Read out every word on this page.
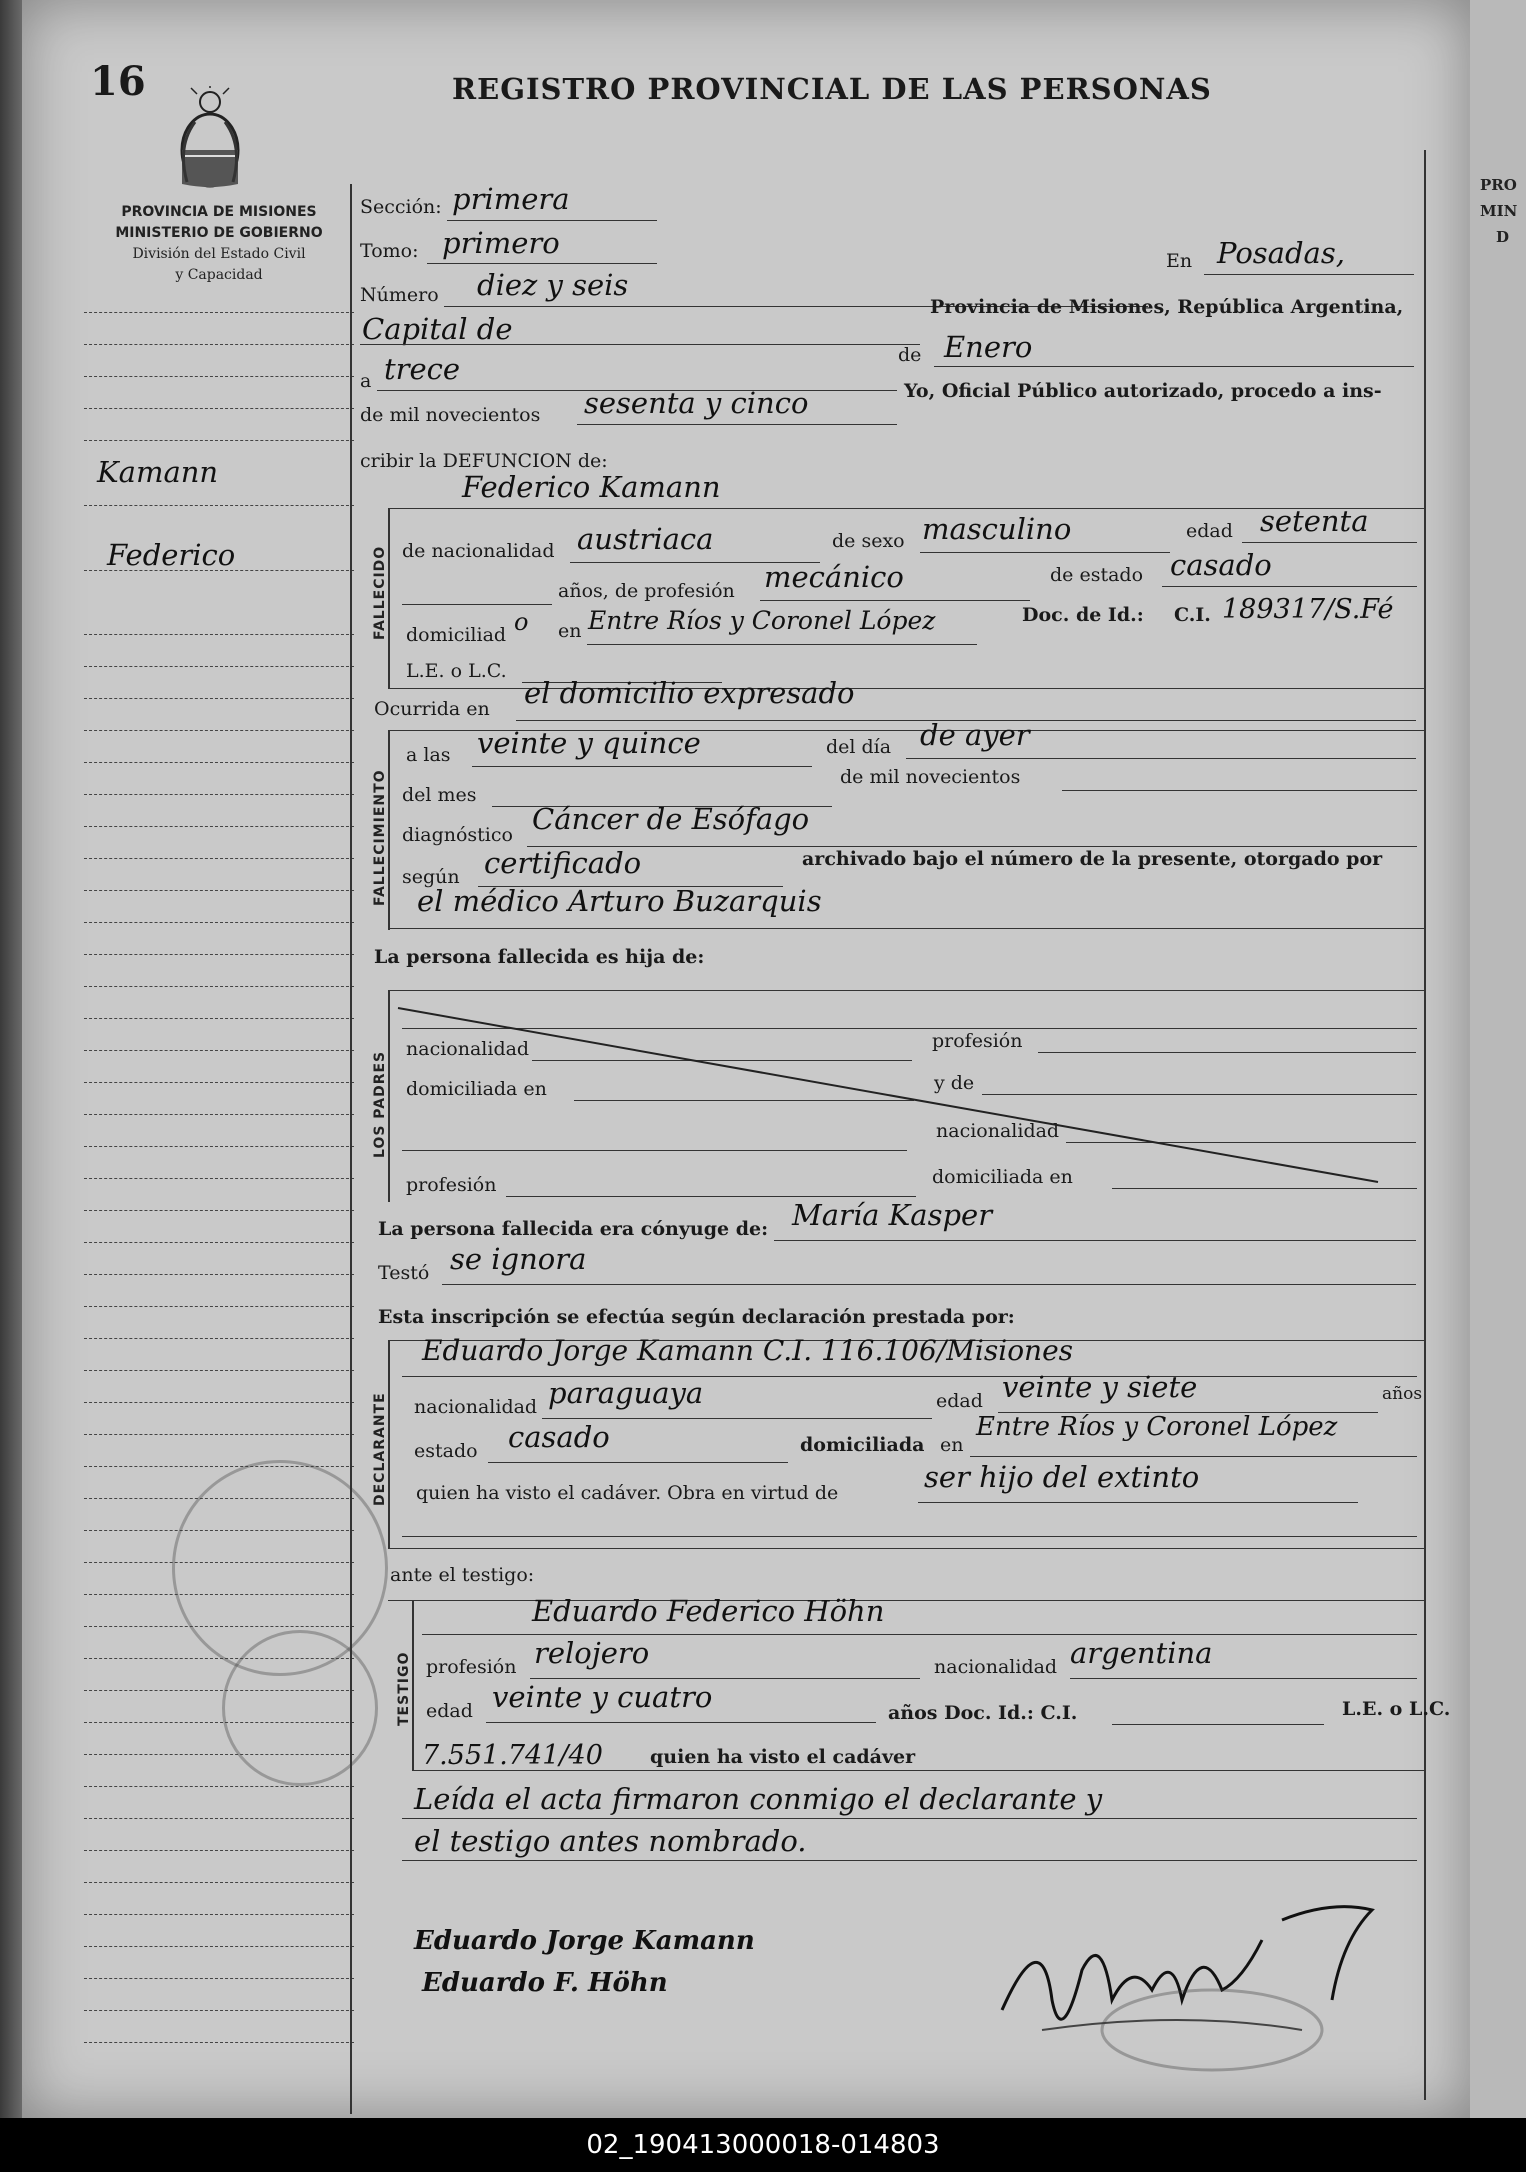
16	REGISTRO PROVINCIAL DE LAS PERSONAS
PROVINCIA DE MISIONES
MINISTERIO DE GOBIERNO
División del Estado Civil
y Capacidad
Kamann
Federico
Sección: primera
Tomo: primero
En Posadas,
Número diez y seis
Capital de
Provincia de Misiones, República Argentina,
a trece	de Enero
de mil novecientos sesenta y cinco	Yo, Oficial Público autorizado, procedo a ins-
cribir la DEFUNCION de:
Federico Kamann
FALLECIDO de nacionalidad austriaca	de sexo masculino	edad setenta
años, de profesión mecánico	de estado casado
domiciliad o en Entre Ríos y Coronel López	Doc. de Id.: C.I. 189317/S.Fé
L.E. o L.C.
Ocurrida en el domicilio expresado
FALLECIMIENTO
a las veinte y quince	del día de ayer
del mes
de mil novecientos
diagnóstico Cáncer de Esófago
según certificado	archivado bajo el número de la presente, otorgado por
el médico Arturo Buzarquis
La persona fallecida es hija de:
LOS PADRES
nacionalidad	profesión
domiciliada en	y de
nacionalidad
profesión	domiciliada en
La persona fallecida era cónyuge de: María Kasper
Testó se ignora
Esta inscripción se efectúa según declaración prestada por:
DECLARANTE
Eduardo Jorge Kamann C.I. 116.106/Misiones
nacionalidad paraguaya	edad veinte y siete	años
estado casado	domiciliada en
Entre Ríos y Coronel López
quien ha visto el cadáver. Obra en virtud de	ser hijo del extinto
ante el testigo:
TESTIGO
Eduardo Federico Höhn
profesión relojero	nacionalidad argentina
edad veinte y cuatro	años Doc. Id.: C.I.	L.E. o L.C.
7.551.741/40 quien ha visto el cadáver
Leída el acta firmaron conmigo el declarante y
el testigo antes nombrado.
Eduardo Jorge Kamann
Eduardo F. Höhn
PRO
MIN
D
02_190413000018-014803
